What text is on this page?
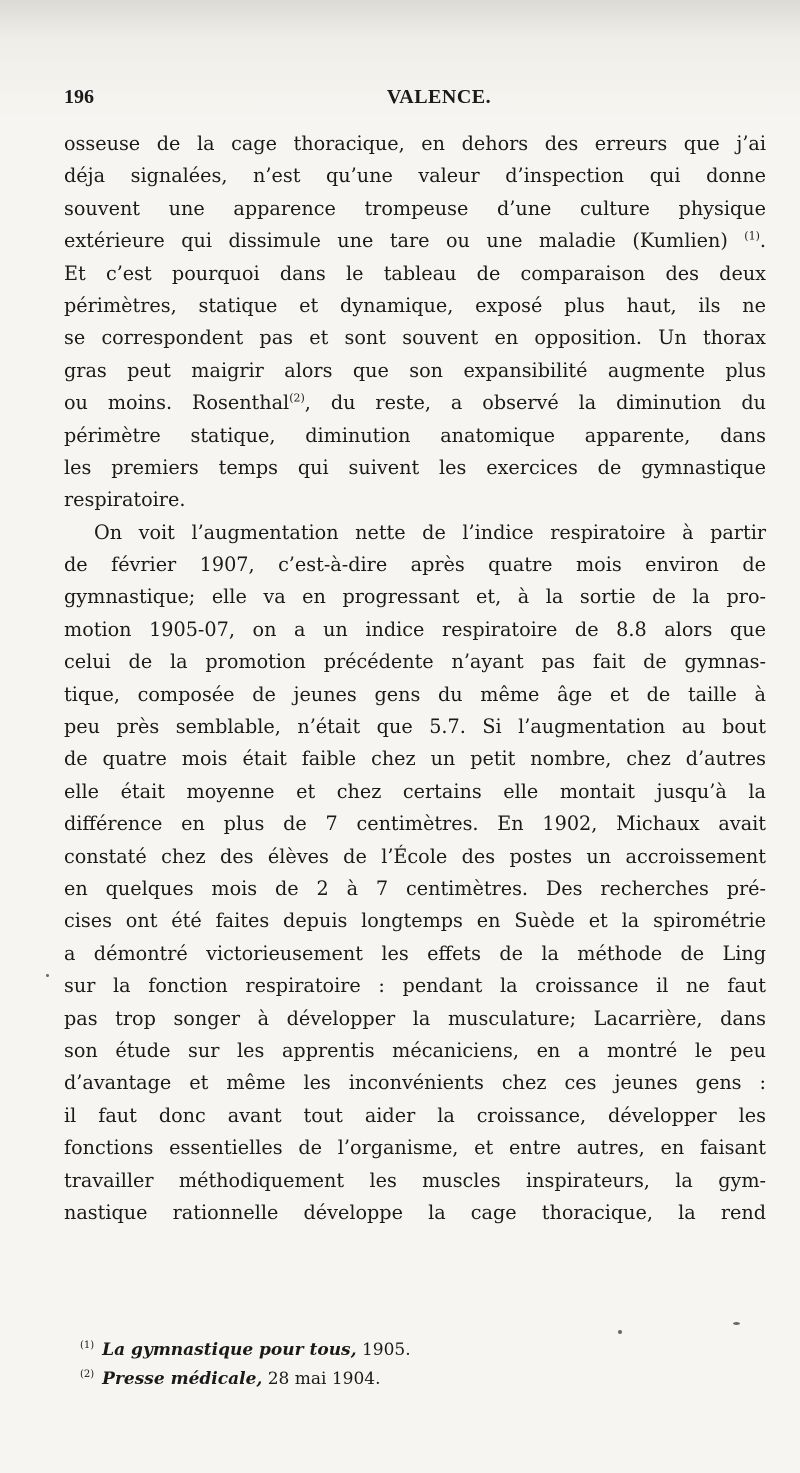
196	VALENCE.
osseuse de la cage thoracique, en dehors des erreurs que j’ai
déja signalées, n’est qu’une valeur d’inspection qui donne
souvent une apparence trompeuse d’une culture physique
extérieure qui dissimule une tare ou une maladie (Kumlien) $^{(1)}$.
Et c’est pourquoi dans le tableau de comparaison des deux
périmètres, statique et dynamique, exposé plus haut, ils ne
se correspondent pas et sont souvent en opposition. Un thorax
gras peut maigrir alors que son expansibilité augmente plus
ou moins. Rosenthal$^{(2)}$, du reste, a observé la diminution du
périmètre statique, diminution anatomique apparente, dans
les premiers temps qui suivent les exercices de gymnastique
respiratoire.
On voit l’augmentation nette de l’indice respiratoire à partir
de février 1907, c’est-à-dire après quatre mois environ de
gymnastique; elle va en progressant et, à la sortie de la pro-
motion 1905-07, on a un indice respiratoire de 8.8 alors que
celui de la promotion précédente n’ayant pas fait de gymnas-
tique, composée de jeunes gens du même âge et de taille à
peu près semblable, n’était que 5.7. Si l’augmentation au bout
de quatre mois était faible chez un petit nombre, chez d’autres
elle était moyenne et chez certains elle montait jusqu’à la
différence en plus de 7 centimètres. En 1902, Michaux avait
constaté chez des élèves de l’École des postes un accroissement
en quelques mois de 2 à 7 centimètres. Des recherches pré-
cises ont été faites depuis longtemps en Suède et la spirométrie
a démontré victorieusement les effets de la méthode de Ling
sur la fonction respiratoire : pendant la croissance il ne faut
pas trop songer à développer la musculature; Lacarrière, dans
son étude sur les apprentis mécaniciens, en a montré le peu
d’avantage et même les inconvénients chez ces jeunes gens :
il faut donc avant tout aider la croissance, développer les
fonctions essentielles de l’organisme, et entre autres, en faisant
travailler méthodiquement les muscles inspirateurs, la gym-
nastique rationnelle développe la cage thoracique, la rend
$^{(1)}$ La gymnastique pour tous, 1905.
$^{(2)}$ Presse médicale, 28 mai 1904.
